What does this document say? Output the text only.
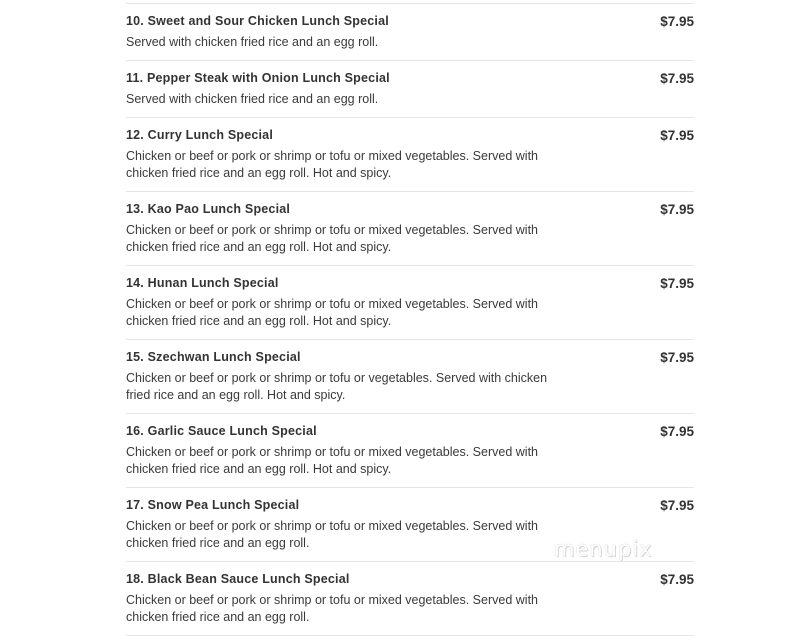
10. Sweet and Sour Chicken Lunch Special	$7.95
Served with chicken fried rice and an egg roll.
11. Pepper Steak with Onion Lunch Special	$7.95
Served with chicken fried rice and an egg roll.
12. Curry Lunch Special	$7.95
Chicken or beef or pork or shrimp or tofu or mixed vegetables. Served with chicken fried rice and an egg roll. Hot and spicy.
13. Kao Pao Lunch Special	$7.95
Chicken or beef or pork or shrimp or tofu or mixed vegetables. Served with chicken fried rice and an egg roll. Hot and spicy.
14. Hunan Lunch Special	$7.95
Chicken or beef or pork or shrimp or tofu or mixed vegetables. Served with chicken fried rice and an egg roll. Hot and spicy.
15. Szechwan Lunch Special	$7.95
Chicken or beef or pork or shrimp or tofu or vegetables. Served with chicken fried rice and an egg roll. Hot and spicy.
16. Garlic Sauce Lunch Special	$7.95
Chicken or beef or pork or shrimp or tofu or mixed vegetables. Served with chicken fried rice and an egg roll. Hot and spicy.
17. Snow Pea Lunch Special	$7.95
Chicken or beef or pork or shrimp or tofu or mixed vegetables. Served with chicken fried rice and an egg roll.
18. Black Bean Sauce Lunch Special	$7.95
Chicken or beef or pork or shrimp or tofu or mixed vegetables. Served with chicken fried rice and an egg roll.
menupix
